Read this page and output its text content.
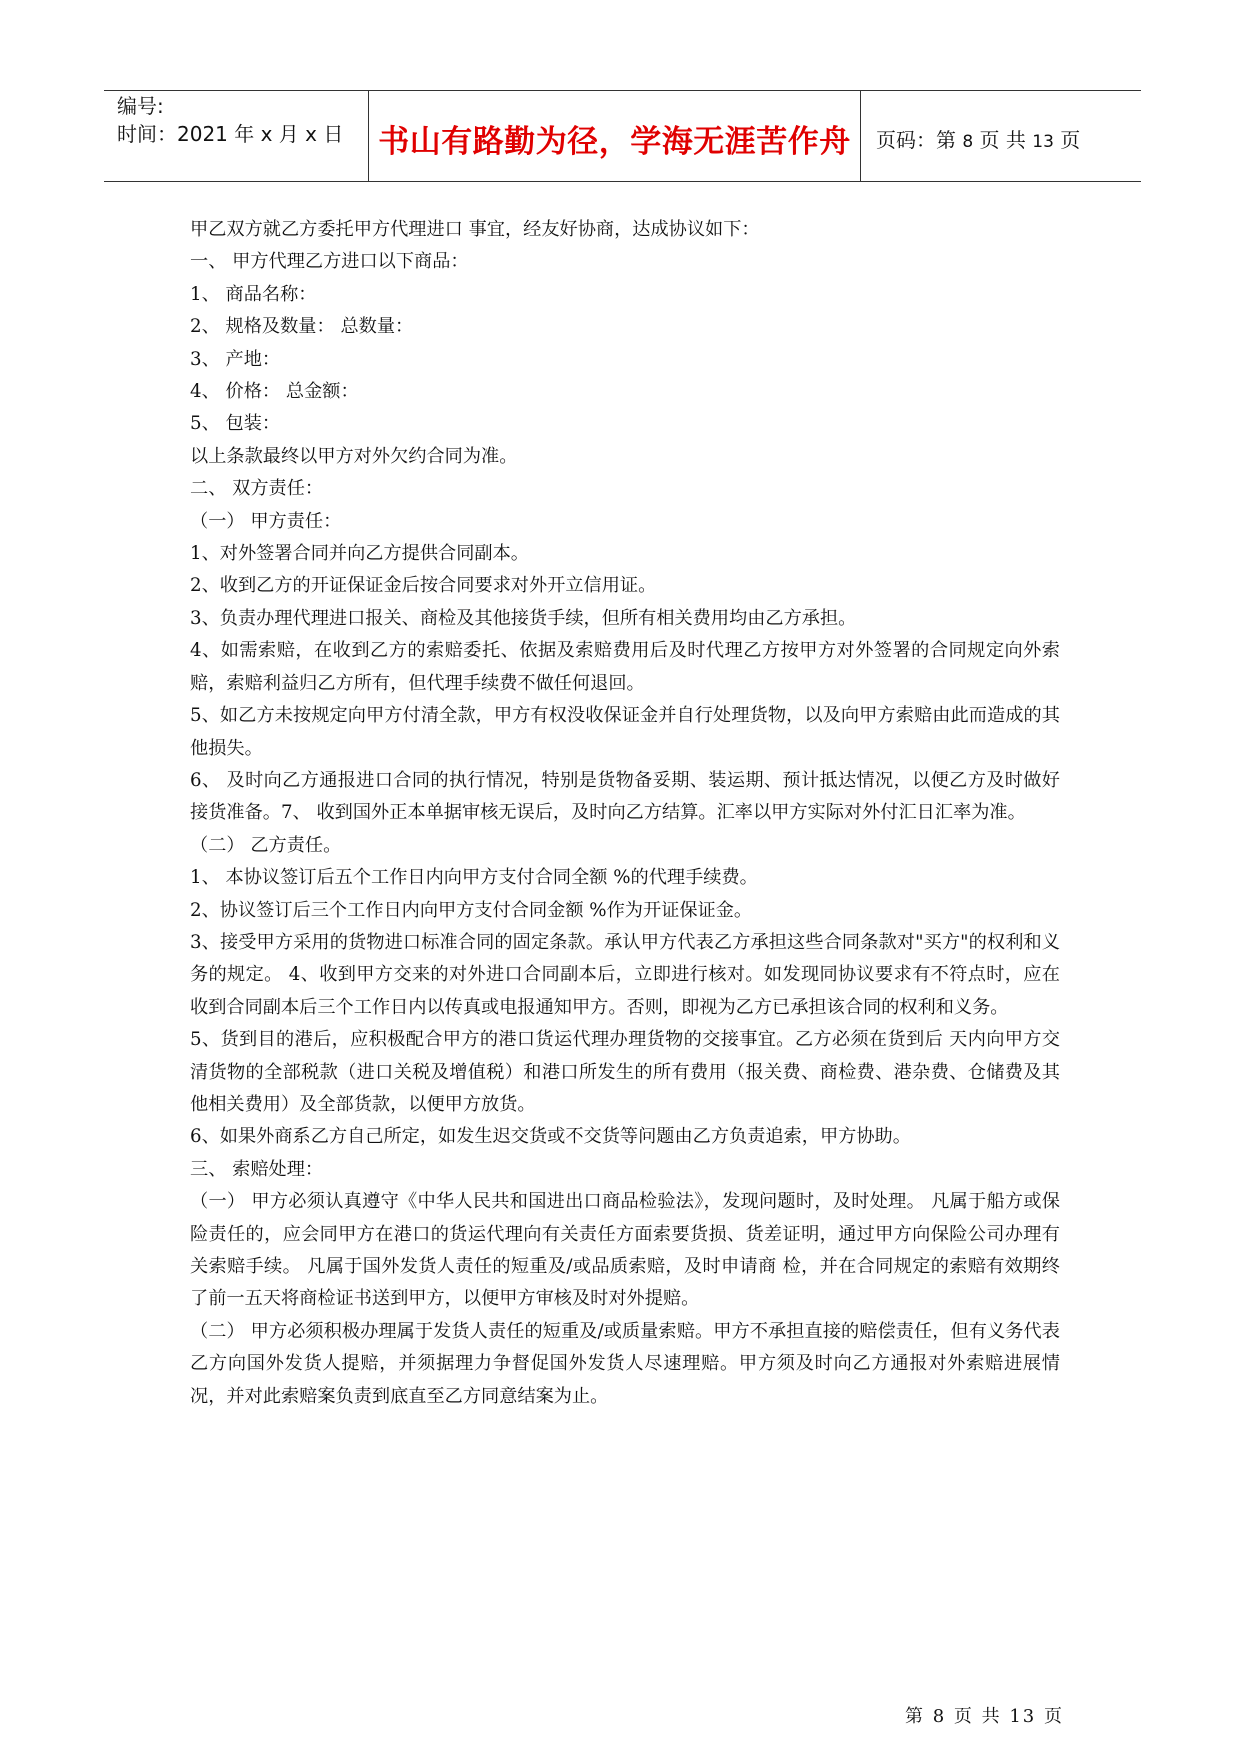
编号:
时间：2021 年 x 月 x 日 书山有路勤为径，学海无涯苦作舟	页码：第 8 页 共 13 页

甲乙双方就乙方委托甲方代理进口 事宜，经友好协商，达成协议如下：

一、 甲方代理乙方进口以下商品：

1、 商品名称：

2、 规格及数量： 总数量：

3、 产地：

4、 价格： 总金额：

5、 包装：

以上条款最终以甲方对外欠约合同为准。

二、 双方责任：

（一） 甲方责任：

1、对外签署合同并向乙方提供合同副本。

2、收到乙方的开证保证金后按合同要求对外开立信用证。

3、负责办理代理进口报关、商检及其他接货手续，但所有相关费用均由乙方承担。

4、如需索赔，在收到乙方的索赔委托、依据及索赔费用后及时代理乙方按甲方对外签署的合同规定向外索赔，索赔利益归乙方所有，但代理手续费不做任何退回。

5、如乙方未按规定向甲方付清全款，甲方有权没收保证金并自行处理货物，以及向甲方索赔由此而造成的其他损失。

6、 及时向乙方通报进口合同的执行情况，特别是货物备妥期、装运期、预计抵达情况，以便乙方及时做好接货准备。7、 收到国外正本单据审核无误后，及时向乙方结算。汇率以甲方实际对外付汇日汇率为准。

（二） 乙方责任。

1、 本协议签订后五个工作日内向甲方支付合同全额 %的代理手续费。

2、协议签订后三个工作日内向甲方支付合同金额 %作为开证保证金。

3、接受甲方采用的货物进口标准合同的固定条款。承认甲方代表乙方承担这些合同条款对"买方"的权利和义务的规定。 4、收到甲方交来的对外进口合同副本后，立即进行核对。如发现同协议要求有不符点时，应在收到合同副本后三个工作日内以传真或电报通知甲方。否则，即视为乙方已承担该合同的权利和义务。

5、货到目的港后，应积极配合甲方的港口货运代理办理货物的交接事宜。乙方必须在货到后 天内向甲方交清货物的全部税款（进口关税及增值税）和港口所发生的所有费用（报关费、商检费、港杂费、仓储费及其他相关费用）及全部货款，以便甲方放货。

6、如果外商系乙方自己所定，如发生迟交货或不交货等问题由乙方负责追索，甲方协助。

三、 索赔处理：

（一） 甲方必须认真遵守《中华人民共和国进出口商品检验法》，发现问题时，及时处理。 凡属于船方或保险责任的，应会同甲方在港口的货运代理向有关责任方面索要货损、货差证明，通过甲方向保险公司办理有关索赔手续。 凡属于国外发货人责任的短重及/或品质索赔，及时申请商 检，并在合同规定的索赔有效期终了前一五天将商检证书送到甲方，以便甲方审核及时对外提赔。

（二） 甲方必须积极办理属于发货人责任的短重及/或质量索赔。甲方不承担直接的赔偿责任，但有义务代表乙方向国外发货人提赔，并须据理力争督促国外发货人尽速理赔。甲方须及时向乙方通报对外索赔进展情况，并对此索赔案负责到底直至乙方同意结案为止。

第 8 页 共 13 页
